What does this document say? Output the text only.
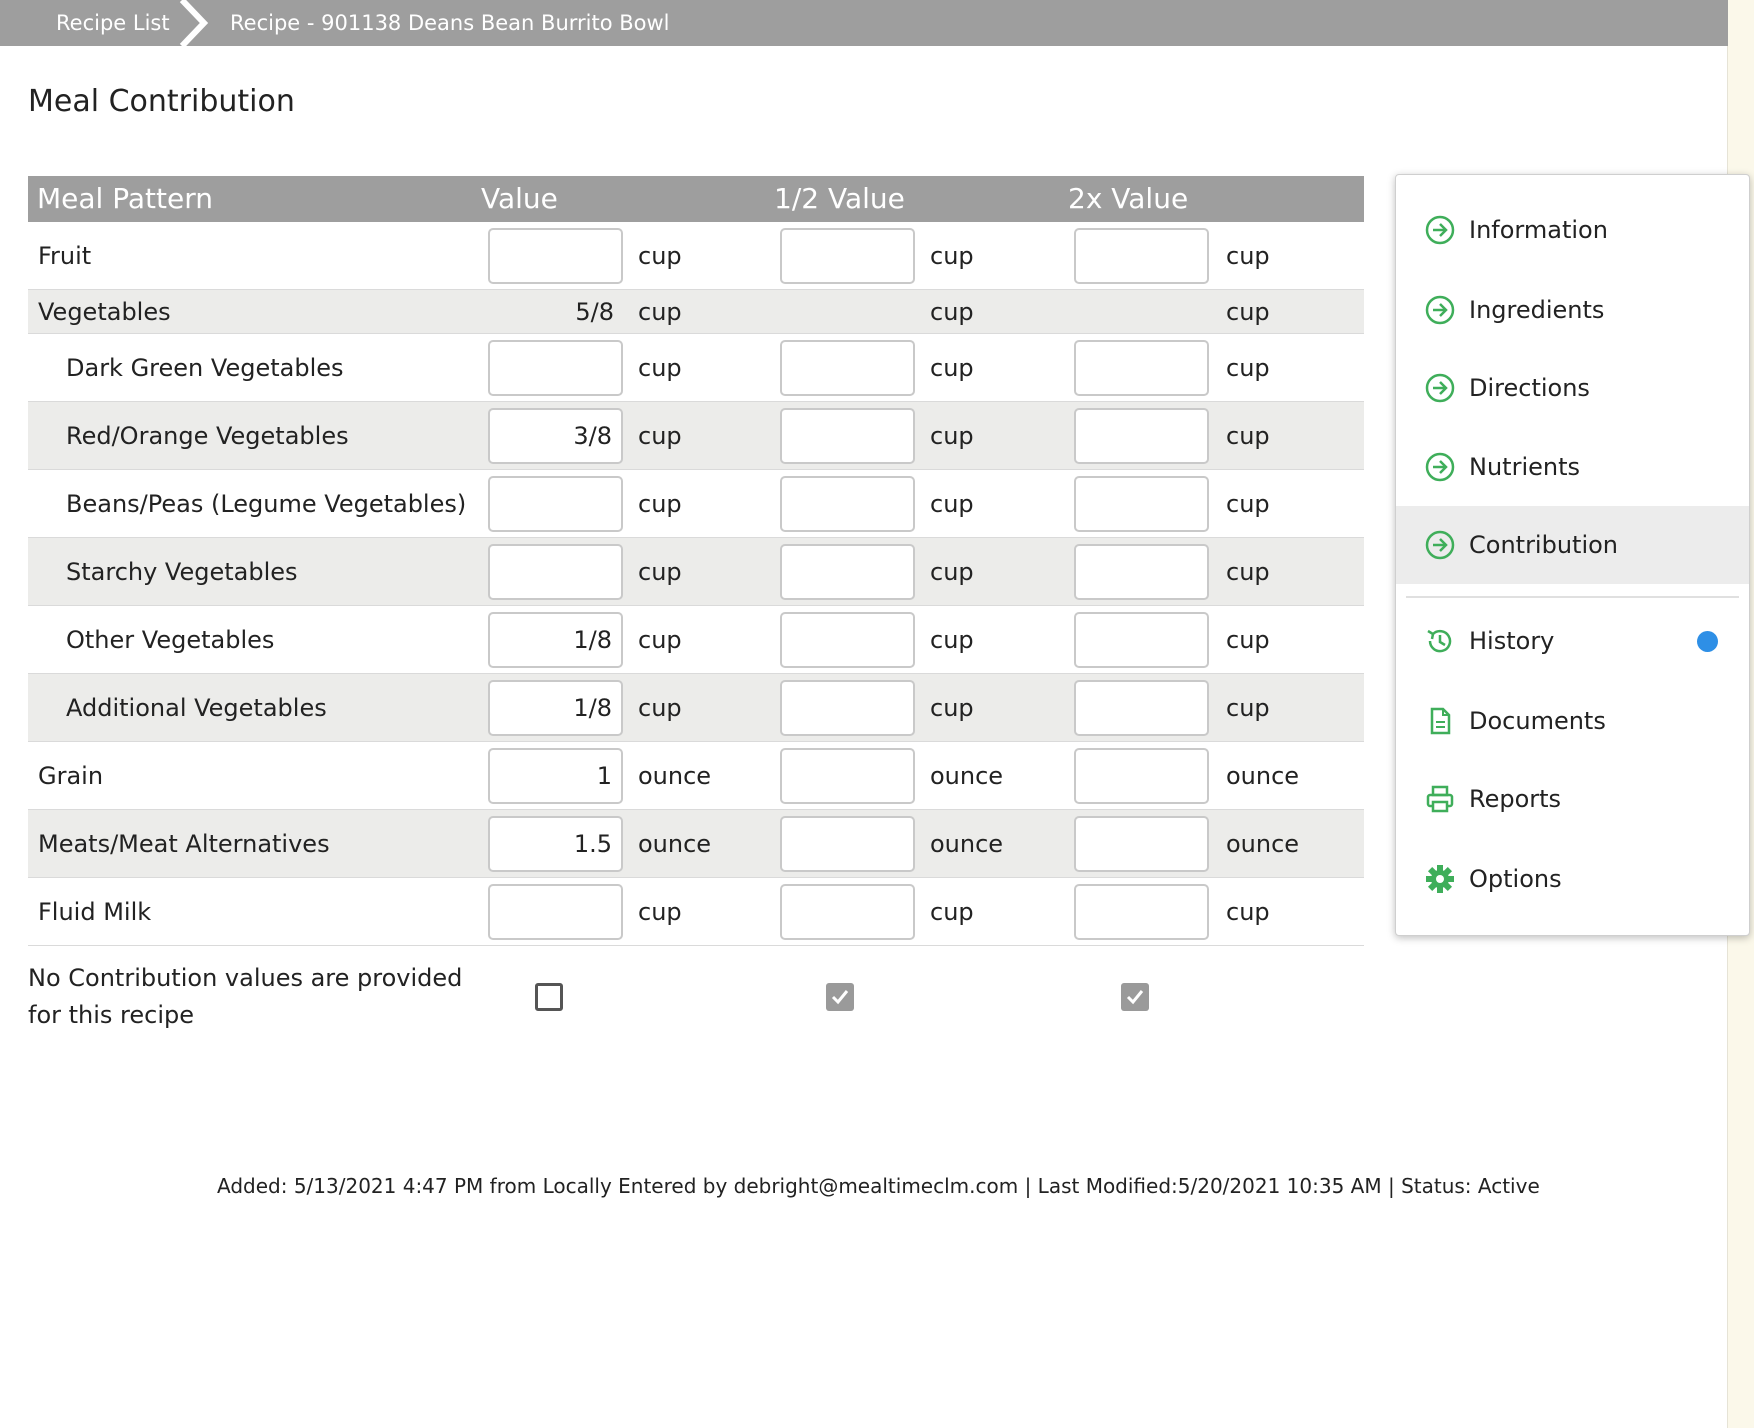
Recipe List	Recipe - 901138 Deans Bean Burrito Bowl
Meal Contribution
Meal Pattern	Value	1/2 Value	2x Value
Fruit	cup	cup	cup
Vegetables	5/8	cup	cup	cup
Dark Green Vegetables	cup	cup	cup
Red/Orange Vegetables	3/8	cup	cup	cup
Beans/Peas (Legume Vegetables)	cup	cup	cup
Starchy Vegetables	cup	cup	cup
Other Vegetables	1/8	cup	cup	cup
Additional Vegetables	1/8	cup	cup	cup
Grain	1	ounce	ounce	ounce
Meats/Meat Alternatives	1.5	ounce	ounce	ounce
Fluid Milk	cup	cup	cup
No Contribution values are provided for this recipe
Added: 5/13/2021 4:47 PM from Locally Entered by debright@mealtimeclm.com | Last Modified:5/20/2021 10:35 AM | Status: Active
Information
Ingredients
Directions
Nutrients
Contribution
History
Documents
Reports
Options
